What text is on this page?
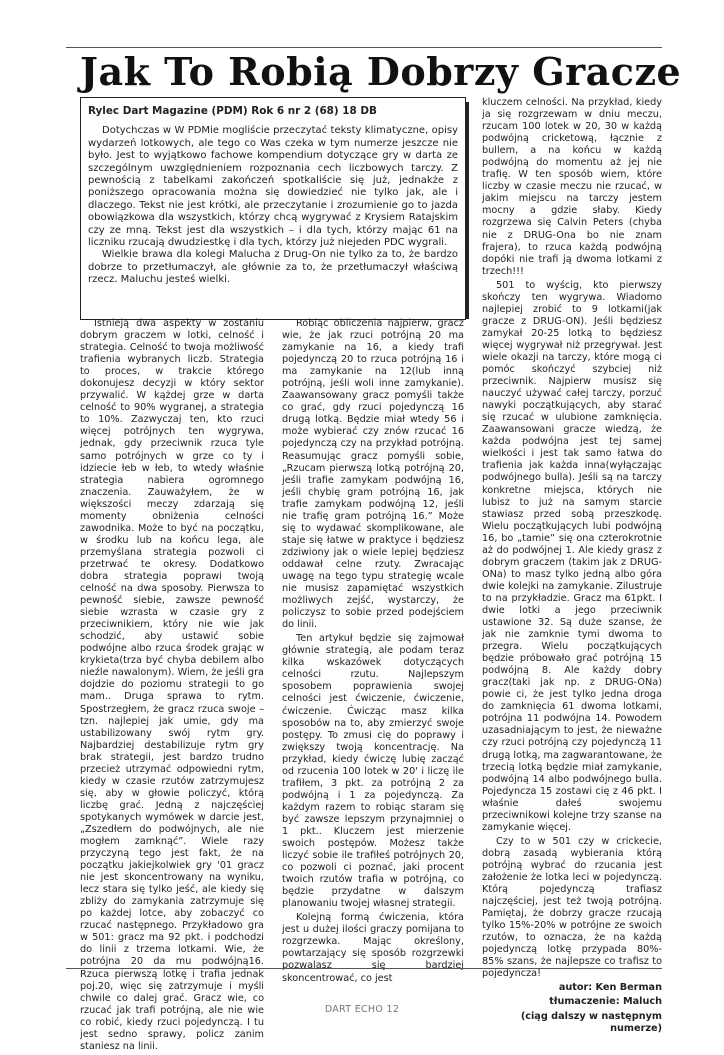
Jak To Robią Dobrzy Gracze
Rylec Dart Magazine (PDM) Rok 6 nr 2 (68) 18 DB

Dotychczas w W PDMie mogliście przeczytać teksty klimatyczne, opisy wydarzeń lotkowych, ale tego co Was czeka w tym numerze jeszcze nie było. Jest to wyjątkowo fachowe kompendium dotyczące gry w darta ze szczególnym uwzględnieniem rozpoznania cech liczbowych tarczy. Z pewnością z tabelkami zakończeń spotkaliście się już, jednakże z poniższego opracowania można się dowiedzieć nie tylko jak, ale i dlaczego. Tekst nie jest krótki, ale przeczytanie i zrozumienie go to jazda obowiązkowa dla wszystkich, którzy chcą wygrywać z Krysiem Ratajskim czy ze mną. Tekst jest dla wszystkich – i dla tych, którzy mając 61 na liczniku rzucają dwudziestkę i dla tych, którzy już niejeden PDC wygrali.

Wielkie brawa dla kolegi Malucha z Drug-On nie tylko za to, że bardzo dobrze to przetłumaczył, ale głównie za to, że przetłumaczył właściwą rzecz. Maluchu jesteś wielki.

Istnieją dwa aspekty w zostaniu dobrym graczem w lotki, celność i strategia. Celność to twoja możliwość trafienia wybranych liczb. Strategia to proces, w trakcie którego dokonujesz decyzji w który sektor przywalić. W kążdej grze w darta celność to 90% wygranej, a strategia to 10%. Zazwyczaj ten, kto rzuci więcej potrójnych ten wygrywa, jednak, gdy przeciwnik rzuca tyle samo potrójnych w grze co ty i idziecie łeb w łeb, to wtedy właśnie strategia nabiera ogromnego znaczenia. Zauważyłem, że w większości meczy zdarzają się momenty obniżenia celności zawodnika. Może to być na początku, w środku lub na końcu lega, ale przemyślana strategia pozwoli ci przetrwać te okresy. Dodatkowo dobra strategia poprawi twoją celność na dwa sposoby. Pierwsza to pewność siebie, zawsze pewność siebie wzrasta w czasie gry z przeciwnikiem, który nie wie jak schodzić, aby ustawić sobie podwójne albo rzuca środek grając w krykieta(trza być chyba debilem albo nieźle nawalonym). Wiem, że jeśli gra dojdzie do poziomu strategii to go mam.. Druga sprawa to rytm. Spostrzegłem, że gracz rzuca swoje – tzn. najlepiej jak umie, gdy ma ustabilizowany swój rytm gry. Najbardziej destabilizuje rytm gry brak strategii, jest bardzo trudno przecież utrzymać odpowiedni rytm, kiedy w czasie rzutów zatrzymujesz się, aby w głowie policzyć, którą liczbę grać. Jedną z najczęściej spotykanych wymówek w darcie jest, „Zszedłem do podwójnych, ale nie mogłem zamknąć”. Wiele razy przyczyną tego jest fakt, że na początku jakiejkolwiek gry '01 gracz nie jest skoncentrowany na wyniku, lecz stara się tylko jeść, ale kiedy się zbliży do zamykania zatrzymuje się po każdej lotce, aby zobaczyć co rzucać następnego. Przykładowo gra w 501: gracz ma 92 pkt. i podchodzi do linii z trzema lotkami. Wie, że potrójna 20 da mu podwójną16. Rzuca pierwszą lotkę i trafia jednak poj.20, więc się zatrzymuje i myśli chwile co dalej grać. Gracz wie, co rzucać jak trafi potrójną, ale nie wie co robić, kiedy rzuci pojedynczą. I tu jest sedno sprawy, policz zanim staniesz na linii.

Robiąc obliczenia najpierw, gracz wie, że jak rzuci potrójną 20 ma zamykanie na 16, a kiedy trafi pojedynczą 20 to rzuca potrójną 16 i ma zamykanie na 12(lub inną potrójną, jeśli woli inne zamykanie). Zaawansowany gracz pomyśli także co grać, gdy rzuci pojedynczą 16 drugą lotką. Będzie miał wtedy 56 i może wybierać czy znów rzucać 16 pojedynczą czy na przykład potrójną. Reasumując gracz pomyśli sobie, „Rzucam pierwszą lotką potrójną 20, jeśli trafie zamykam podwójną 16, jeśli chybię gram potrójną 16, jak trafie zamykam podwójną 12, jeśli nie trafię gram potrójną 16.” Może się to wydawać skomplikowane, ale staje się łatwe w praktyce i będziesz zdziwiony jak o wiele lepiej będziesz oddawał celne rzuty. Zwracając uwagę na tego typu strategię wcale nie musisz zapamiętać wszystkich możliwych zejść, wystarczy, że policzysz to sobie przed podejściem do linii.

Ten artykuł będzie się zajmował głównie strategią, ale podam teraz kilka wskazówek dotyczących celności rzutu. Najlepszym sposobem poprawienia swojej celności jest ćwiczenie, ćwiczenie, ćwiczenie. Ćwicząc masz kilka sposobów na to, aby zmierzyć swoje postępy. To zmusi cię do poprawy i zwiększy twoją koncentrację. Na przykład, kiedy ćwiczę lubię zacząć od rzucenia 100 lotek w 20' i liczę ile trafiłem, 3 pkt. za potrójną 2 za podwójną i 1 za pojedynczą. Za każdym razem to robiąc staram się być zawsze lepszym przynajmniej o 1 pkt.. Kluczem jest mierzenie swoich postępów. Możesz także liczyć sobie ile trafiłeś potrójnych 20, co pozwoli ci poznać, jaki procent twoich rzutów trafia w potrójną, co będzie przydatne w dalszym planowaniu twojej własnej strategii.

Kolejną formą ćwiczenia, która jest u dużej ilości graczy pomijana to rozgrzewka. Mając określony, powtarzający się sposób rozgrzewki pozwalasz się bardziej skoncentrować, co jest

kluczem celności. Na przykład, kiedy ja się rozgrzewam w dniu meczu, rzucam 100 lotek w 20, 30 w każdą podwójną cricketową, łącznie z bullem, a na końcu w każdą podwójną do momentu aż jej nie trafię. W ten sposób wiem, które liczby w czasie meczu nie rzucać, w jakim miejscu na tarczy jestem mocny a gdzie słaby. Kiedy rozgrzewa się Calvin Peters (chyba nie z DRUG-Ona bo nie znam frajera), to rzuca każdą podwójną dopóki nie trafi ją dwoma lotkami z trzech!!!

501 to wyścig, kto pierwszy skończy ten wygrywa. Wiadomo najlepiej zrobić to 9 lotkami(jak gracze z DRUG-ON). Jeśli będziesz zamykał 20-25 lotką to będziesz więcej wygrywał niż przegrywał. Jest wiele okazji na tarczy, które mogą ci pomóc skończyć szybciej niż przeciwnik. Najpierw musisz się nauczyć używać całej tarczy, porzuć nawyki początkujących, aby starać się rzucać w ulubione zamknięcia. Zaawansowani gracze wiedzą, że każda podwójna jest tej samej wielkości i jest tak samo łatwa do trafienia jak każda inna(wyłączając podwójnego bulla). Jeśli są na tarczy konkretne miejsca, których nie lubisz to już na samym starcie stawiasz przed sobą przeszkodę. Wielu początkujących lubi podwójną 16, bo „tamie” się ona czterokrotnie aż do podwójnej 1. Ale kiedy grasz z dobrym graczem (takim jak z DRUG-ONa) to masz tylko jedną albo góra dwie kolejki na zamykanie. Zilustruje to na przykładzie. Gracz ma 61pkt. I dwie lotki a jego przeciwnik ustawione 32. Są duże szanse, że jak nie zamknie tymi dwoma to przegra. Wielu początkujących będzie próbowało grać potrójną 15 podwójną 8. Ale każdy dobry gracz(taki jak np. z DRUG-ONa) powie ci, że jest tylko jedna droga do zamknięcia 61 dwoma lotkami, potrójna 11 podwójna 14. Powodem uzasadniającym to jest, że nieważne czy rzuci potrójną czy pojedynczą 11 drugą lotką, ma zagwarantowane, że trzecią lotką będzie miał zamykanie, podwójną 14 albo podwójnego bulla. Pojedyncza 15 zostawi cię z 46 pkt. I właśnie dałeś swojemu przeciwnikowi kolejne trzy szanse na zamykanie więcej.

Czy to w 501 czy w crickecie, dobrą zasadą wybierania którą potrójną wybrać do rzucania jest założenie że lotka leci w pojedynczą. Którą pojedynczą trafiasz najczęściej, jest też twoją potrójną. Pamiętaj, że dobrzy gracze rzucają tylko 15%-20% w potrójne ze swoich rzutów, to oznacza, że na każdą pojedynczą lotkę przypada 80%- 85% szans, że najlepsze co trafisz to pojedyncza!

autor: Ken Berman

tłumaczenie: Maluch

(ciąg dalszy w następnym numerze)

DART ECHO 12
